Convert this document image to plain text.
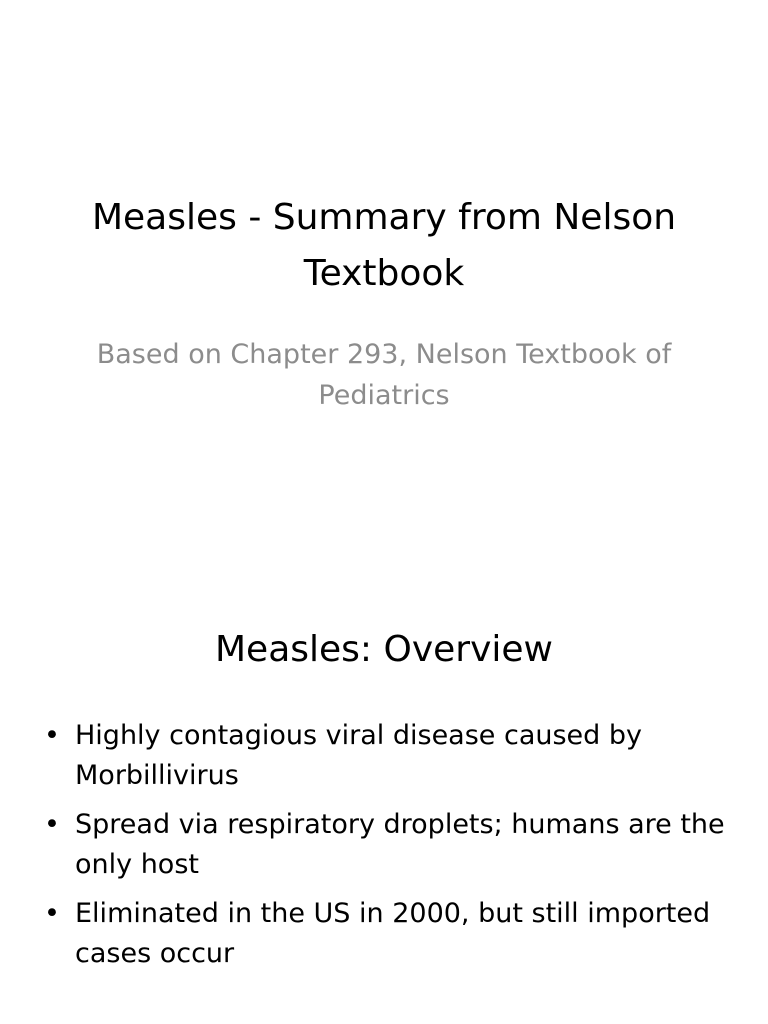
Measles - Summary from Nelson Textbook

Based on Chapter 293, Nelson Textbook of Pediatrics

Measles: Overview
• Highly contagious viral disease caused by Morbillivirus
• Spread via respiratory droplets; humans are the only host
• Eliminated in the US in 2000, but still imported cases occur
